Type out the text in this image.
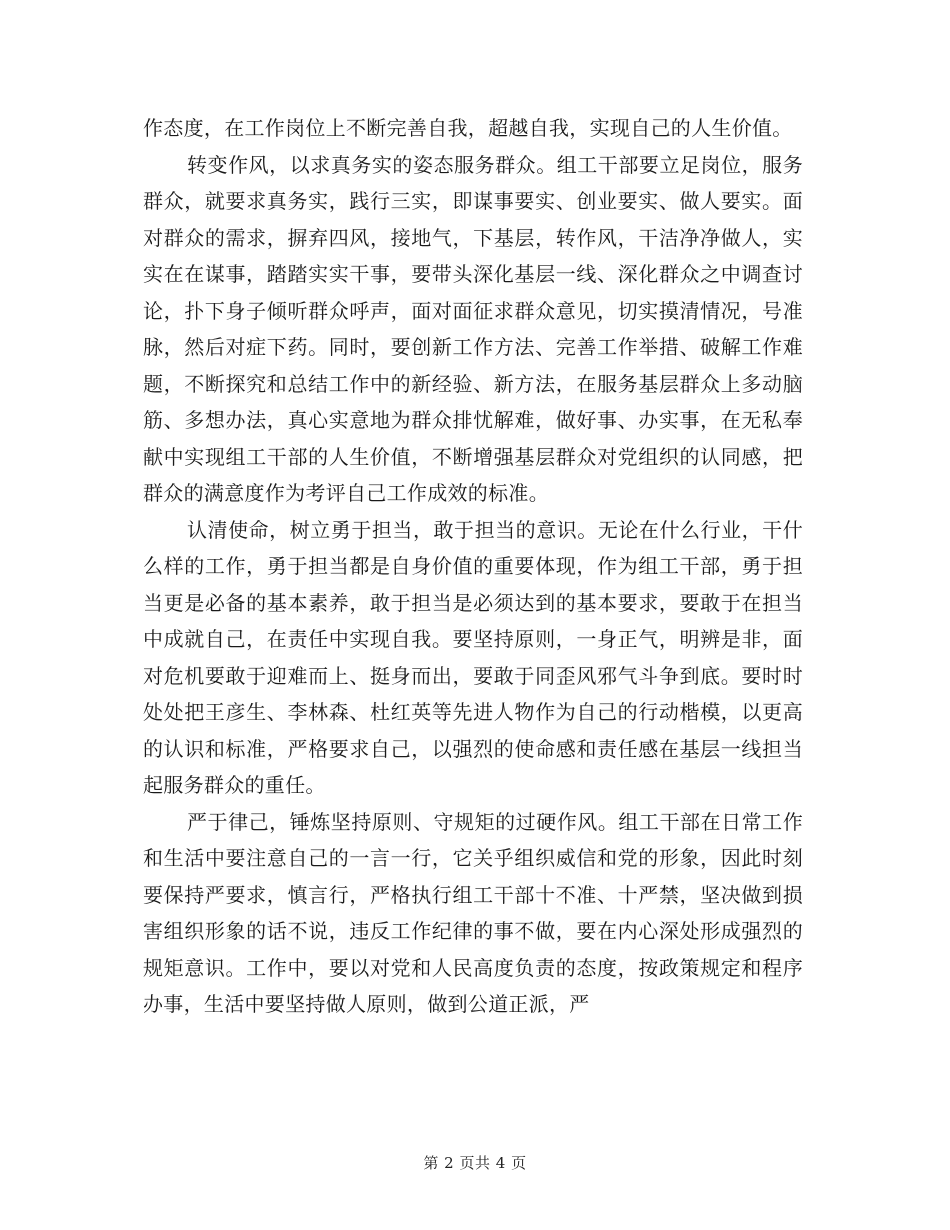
作态度，在工作岗位上不断完善自我，超越自我，实现自己的人生价值。

转变作风，以求真务实的姿态服务群众。组工干部要立足岗位，服务群众，就要求真务实，践行三实，即谋事要实、创业要实、做人要实。面对群众的需求，摒弃四风，接地气，下基层，转作风，干洁净净做人，实实在在谋事，踏踏实实干事，要带头深化基层一线、深化群众之中调查讨论，扑下身子倾听群众呼声，面对面征求群众意见，切实摸清情况，号准脉，然后对症下药。同时，要创新工作方法、完善工作举措、破解工作难题，不断探究和总结工作中的新经验、新方法，在服务基层群众上多动脑筋、多想办法，真心实意地为群众排忧解难，做好事、办实事，在无私奉献中实现组工干部的人生价值，不断增强基层群众对党组织的认同感，把群众的满意度作为考评自己工作成效的标准。

认清使命，树立勇于担当，敢于担当的意识。无论在什么行业，干什么样的工作，勇于担当都是自身价值的重要体现，作为组工干部，勇于担当更是必备的基本素养，敢于担当是必须达到的基本要求，要敢于在担当中成就自己，在责任中实现自我。要坚持原则，一身正气，明辨是非，面对危机要敢于迎难而上、挺身而出，要敢于同歪风邪气斗争到底。要时时处处把王彦生、李林森、杜红英等先进人物作为自己的行动楷模，以更高的认识和标准，严格要求自己，以强烈的使命感和责任感在基层一线担当起服务群众的重任。

严于律己，锤炼坚持原则、守规矩的过硬作风。组工干部在日常工作和生活中要注意自己的一言一行，它关乎组织威信和党的形象，因此时刻要保持严要求，慎言行，严格执行组工干部十不准、十严禁，坚决做到损害组织形象的话不说，违反工作纪律的事不做，要在内心深处形成强烈的规矩意识。工作中，要以对党和人民高度负责的态度，按政策规定和程序办事，生活中要坚持做人原则，做到公道正派，严

第 2 页共 4 页
